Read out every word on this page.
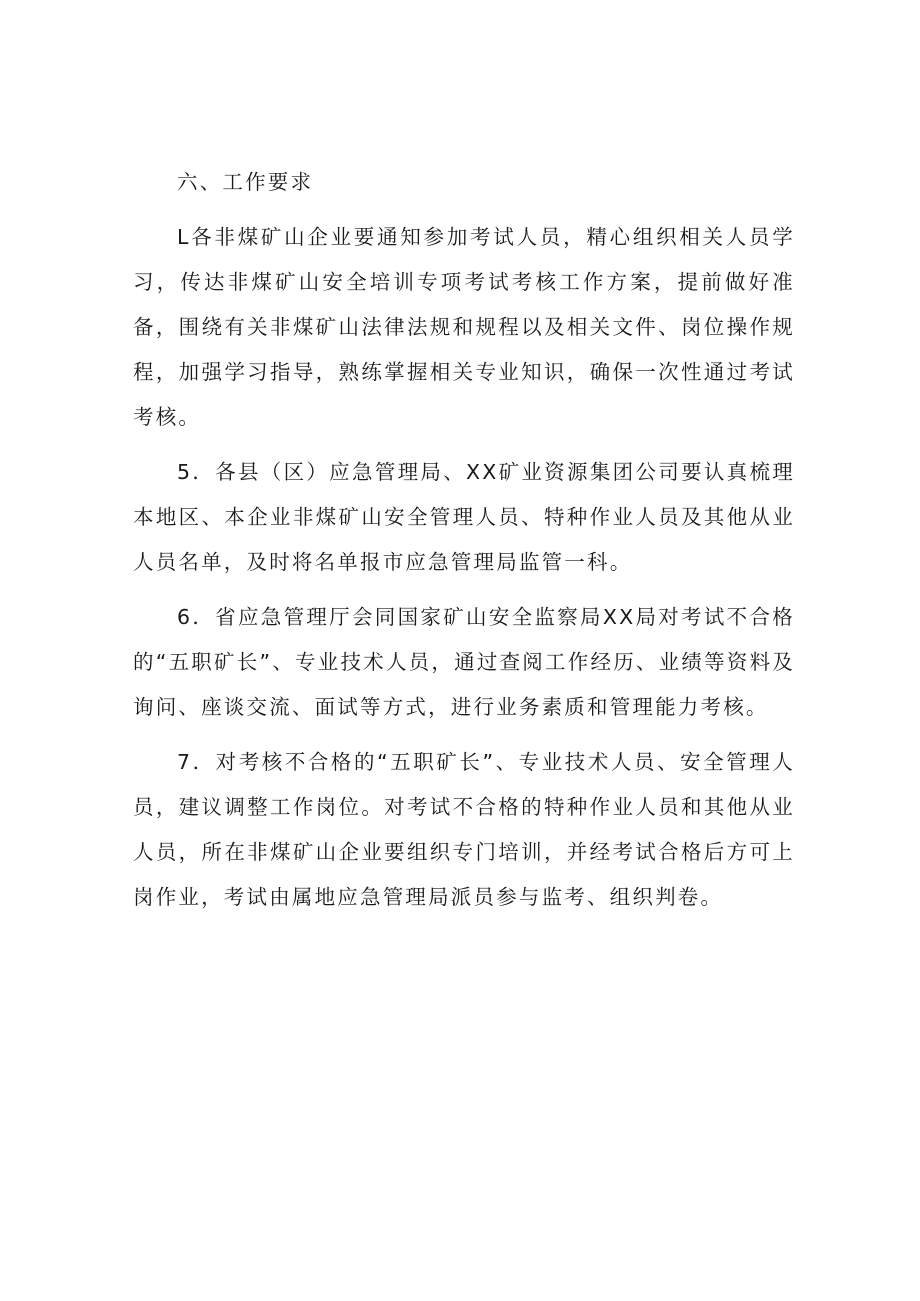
六、工作要求

L各非煤矿山企业要通知参加考试人员，精心组织相关人员学习，传达非煤矿山安全培训专项考试考核工作方案，提前做好准备，围绕有关非煤矿山法律法规和规程以及相关文件、岗位操作规程，加强学习指导，熟练掌握相关专业知识，确保一次性通过考试考核。

5．各县（区）应急管理局、XX矿业资源集团公司要认真梳理本地区、本企业非煤矿山安全管理人员、特种作业人员及其他从业人员名单，及时将名单报市应急管理局监管一科。

6．省应急管理厅会同国家矿山安全监察局XX局对考试不合格的“五职矿长”、专业技术人员，通过查阅工作经历、业绩等资料及询问、座谈交流、面试等方式，进行业务素质和管理能力考核。

7．对考核不合格的“五职矿长”、专业技术人员、安全管理人员，建议调整工作岗位。对考试不合格的特种作业人员和其他从业人员，所在非煤矿山企业要组织专门培训，并经考试合格后方可上岗作业，考试由属地应急管理局派员参与监考、组织判卷。
